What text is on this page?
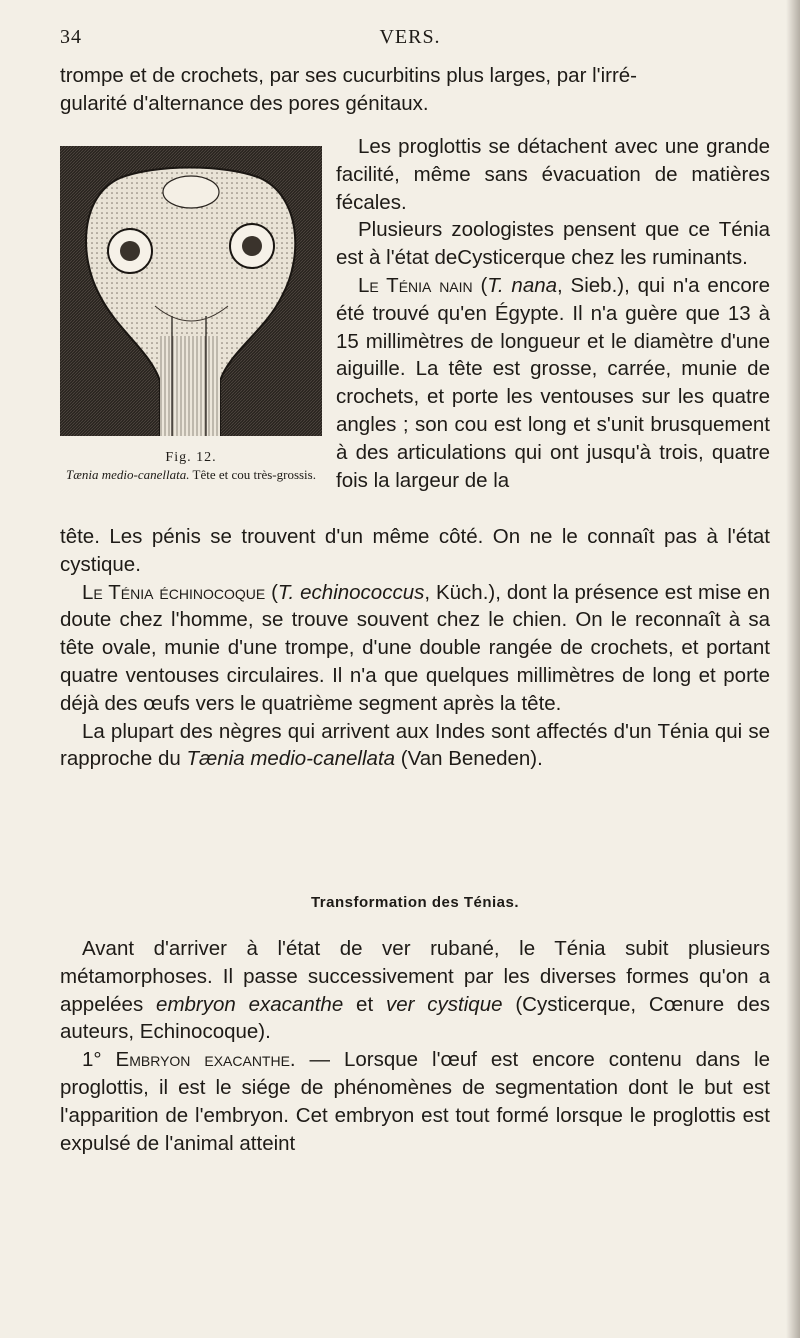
34	VERS.

trompe et de crochets, par ses cucurbitins plus larges, par l'irré-

gularité d'alternance des pores génitaux.

Fig. 12.
Tænia medio-canellata. Tête et cou très-grossis.

Les proglottis se détachent avec une grande facilité, même sans évacuation de matières fécales.

Plusieurs zoologistes pensent que ce Ténia est à l'état deCysticerque chez les ruminants.

Le Ténia nain (T. nana, Sieb.), qui n'a encore été trouvé qu'en Égypte. Il n'a guère que 13 à 15 millimètres de longueur et le diamètre d'une aiguille. La tête est grosse, carrée, munie de crochets, et porte les ventouses sur les quatre angles ; son cou est long et s'unit brusquement à des articulations qui ont jusqu'à trois, quatre fois la largeur de la

tête. Les pénis se trouvent d'un même côté. On ne le connaît pas à l'état cystique.

Le Ténia échinocoque (T. echinococcus, Küch.), dont la présence est mise en doute chez l'homme, se trouve souvent chez le chien. On le reconnaît à sa tête ovale, munie d'une trompe, d'une double rangée de crochets, et portant quatre ventouses circulaires. Il n'a que quelques millimètres de long et porte déjà des œufs vers le quatrième segment après la tête.

La plupart des nègres qui arrivent aux Indes sont affectés d'un Ténia qui se rapproche du Tænia medio-canellata (Van Beneden).

Transformation des Ténias.

Avant d'arriver à l'état de ver rubané, le Ténia subit plusieurs métamorphoses. Il passe successivement par les diverses formes qu'on a appelées embryon exacanthe et ver cystique (Cysticerque, Cœnure des auteurs, Echinocoque).

1° Embryon exacanthe. — Lorsque l'œuf est encore contenu dans le proglottis, il est le siége de phénomènes de segmentation dont le but est l'apparition de l'embryon. Cet embryon est tout formé lorsque le proglottis est expulsé de l'animal atteint
